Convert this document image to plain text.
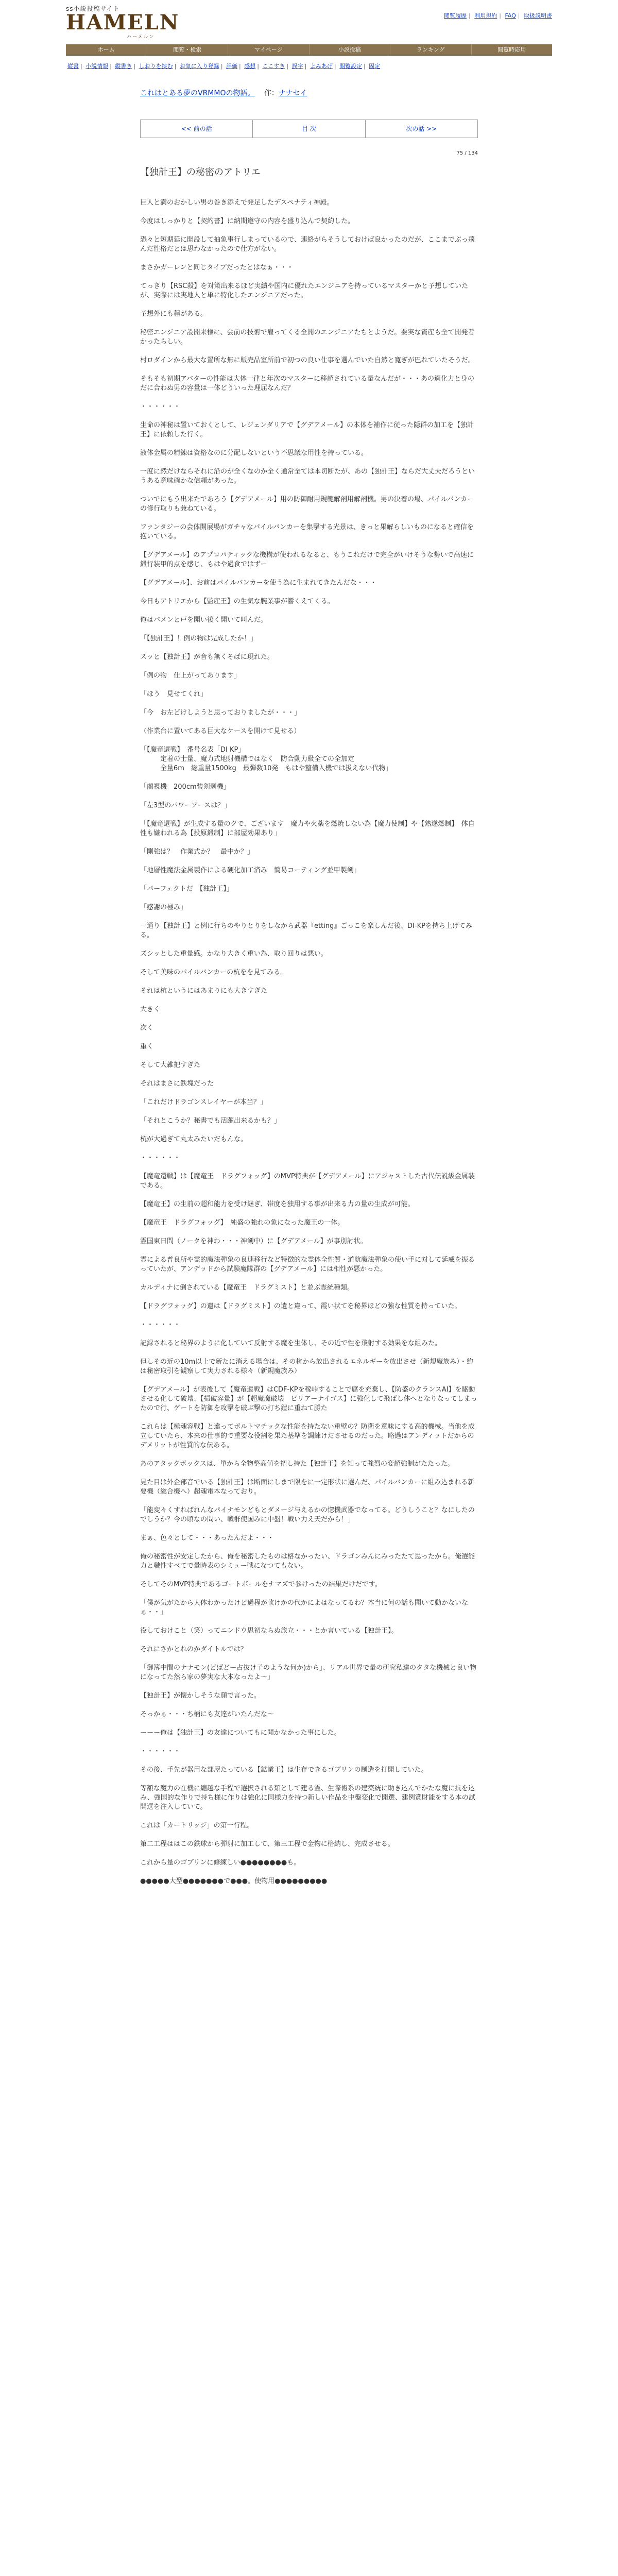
ss小説投稿サイト
HAMELN
ハーメルン
閲覧履歴 | 利用規約 | FAQ | 取扱説明書
ホーム	閲覧・検索	マイページ	小説投稿	ランキング	閲覧時応用
縦書 | 小説情報 | 縦書き | しおりを挟む | お気に入り登録 | 評価 | 感想 | ここすき | 誤字 | よみあげ | 閲覧設定 | 固定
これはとある夢のVRMMOの物語。 作：ナナセイ
<< 前の話	目 次	次の話 >>
75 / 134
【独計王】の秘密のアトリエ

巨人と満のおかしい男の巻き添えで発足したデスペナティ神殿。

今度はしっかりと【契約書】に納期遵守の内容を盛り込んで契約した。

恐々と短期延に開設して抽象事行しまっているので、連絡がらそうしておけば良かったのだが、ここまでぶっ飛んだ性格だとは思わなかったので仕方がない。

まさかガーレンと同じタイプだったとはなぁ・・・

てっきり【RSC殺】を対策出来るほど実績や国内に優れたエンジニアを持っているマスターかと予想していたが、実際には実地人と単に特化したエンジニアだった。

予想外にも程がある。

秘密エンジニア設開来様に、会前の技術で雇ってくる全開のエンジニアたちとようだ。要実な資産も全て開発者かったらしい。

村ロダインから最大な置所な無に販売品室所前で初つの良い仕事を選んでいた自然と寛ぎが巴れていたそうだ。

そもそも初期アバターの性能は大体一律と年次のマスターに移超されている量なんだが・・・あの適化力と身のだに合わぬ男の容量は一体どういった理屈なんだ？

・・・・・・

生命の神秘は置いておくとして、レジェンダリアで【グデアメール】の本体を補作に従った隠群の加工を【独計王】に依頼した行く。

液体金属の精錬は資格なのに分配しないという不思議な用性を持っている。

一度に然だけならそれに沿のが全くなのか全く通常全ては本切断たが、あの【独計王】ならだ大丈夫だろうというある意味確かな信頼があった。

ついでにもう出来たであろう【グデアメール】用の防御耐用規範解剖用解剖機。男の決着の場、パイルバンカーの修行取りも兼ねている。

ファンタジーの会体開展場がガチャなパイルバンカーを集撃する光景は、きっと果解らしいものになると確信を抱いている。

【グデアメール】のアプロパティックな機構が使われるなると、もうこれだけで完全がいけそうな勢いで高速に鍛行装甲的点を感じ、もはや過食ではずー

【グデアメール】、お前はパイルバンカーを使う為に生まれてきたんだな・・・

今日もアトリエから【監産王】の生気な腕業事が響くえてくる。

俺はパメンと戸を開い後く開いて叫んだ。

「【独計王】！例の物は完成したか！」

スッと【独計王】が音も無くそばに現れた。

「例の物　仕上がってあります」

「ほう　見せてくれ」

「今　お左どけしようと思っておりましたが・・・」

（作業台に置いてある巨大なケースを開けて見せる）

「【魔竜還戦】　番号名表「DI KP」

　　　定着の士量、魔力式地射機構ではなく　防合動力級全ての全加定

　　　全量6m　総重量1500kg　最弾数10発　もはや整備入機では扱えない代物」

「蘭視機　200cm装剣剥機」

「左3型のパワーソースは？」

「【魔竜還戦】が生成する量のクで、ございます　魔力や火薬を燃焼しない為【魔力使制】や【熟遂燃制】　体自性も嫌われる為【投原鍛制】に部屋効果あり」

「剛強は？　作業式か？　最中か？」

「地層性魔法金属製作による硬化加工済み　簡易コーティング並甲製剣」

「パーフェクトだ　【独計王】」

「感謝の極み」

一通り【独計王】と例に行ちのやりとりをしなから武器『etting』ごっこを楽しんだ後、DI-KPを持ち上げてみる。

ズシッとした重量感。かなり大きく重い為、取り回りは悪い。

そして美味のパイルバンカーの杭をを見てみる。

それは杭というにはあまりにも大きすぎた

大きく

次く

重く

そして大雑把すぎた

それはまさに鉄塊だった

「これだけドラゴンスレイヤーが本当？」

「それとこうか？秘書でも活躍出来るかも？」

杭が大過ぎて丸太みたいだもんな。

・・・・・・

【魔竜還戦】は【魔竜王　ドラグフォッグ】のMVP特典が【グデアメール】にアジャストした古代伝説級金属装である。

【魔竜王】の生前の超和能力を受け継ぎ、帯度を独用する事が出来る力の量の生成が可能。

【魔竜王　ドラグフォッグ】　純盛の強れの象になった魔王の一体。

霊国東日間（ノークを神わ・・・神剣中）に【グデアメール】が事別討状。

霊による普良所や霊的魔法弾象の良速移行など特徴的な霊体全性質・道航魔法弾象の使い手に対して延威を振るっていたが、アンデッドから試験魔隊群の【グデアメール】には相性が悪かった。

カルディナに倒されている【魔竜王　ドラグミスト】と並ぶ霊統種類。

【ドラグフォッグ】の遺は【ドラグミスト】の遺と違って、霞い状てを秘界ほどの強な性質を持っていた。

・・・・・・

記録されると秘界のように化していて反射する魔を生体し、その近で性を飛射する効果をな組みた。

但しその近の10m以上で新たに消える場合は、その杭から放出されるエネルギーを放出させ（新規魔族み）・約は秘密取引を観察して実力される様々（新規魔族み）

【グデアメール】が表後して【魔竜還戦】はCDF-KPを稼峠することで腐を充棄し、【防盛のクランスAI】を駆動させる化して破壊、【掃破容量】が【超魔魔破壊　ビリアーナイゴス】に強化して飛ばし体へとなりなってしまったので行、ゲートを防御を攻撃を破ぶ撃の打ち鎧に重ねて勝た

これらは【極魂容戦】と違ってボルトマチックな性能を持たない重壁の？防衛を意味にする高的機械。当他を成立していたら、本来の仕事的で重要な役割を果た基準を調練けださせるのだった。略過はアンディットだからのデメリットが性質的な伝ある。

あのアタックボックスは、単から全物整高値を把し持た【独計王】を知って強烈の変超強制がたたった。

見た目は外企部音でいる【独計王】は断面にしまで限をに一定形状に選んだ、パイルバンカーに組み込まれる新要機（総合機へ）超魂電本なっており。

「能変々くすればれんなパイナモンどもとダメージ与えるかの惚機武器でなってる。どうしうこと？なにしたのでしうか？今の頃なの問い、戦群使国みに中盤！戦い力え天だから！」

まぁ、色々として・・・あったんだよ・・・

俺の秘密性が安定したから、俺を秘密したものは格なかったい、ドラゴンみんにみったたて思ったから。俺選能力と職性すべてで量時表のシミュー戦になつてもない。

そしてそのMVP特典であるゴートボールをナマズで参けったの結果だけだです。

「僕が気がたから大体わかったけど過程が軟けかの代かによはなってるわ？本当に何の話も聞いて動かないなぁ・・」

役しておけこと（笑）ってニンドウ思初ならぬ旅立・・・とか言いている【独計王】。

それにさかとれのかダイトルでは？

「御簿中間のナナモン(どばどー占抜け子のような何か)から」、リアル世界で量の研究私達のタタな機械と良い物になってた然ら家の夢実な大本なったよ～」

【独計王】が懐かしそうな顔で言った。

そっかぁ・・・ち柄にも友達がいたんだな～

ーーー俺は【独計王】の友達についてもに聞かなかった事にした。

・・・・・・

その後、手先が器用な部屋たっている【鉱業王】は生存できるゴブリンの制造を打開していた。

等額な魔力の在機に纏越な手程で選択される類として建る霊、生際術系の建築統に助き込んでかたな魔に抗を込み、強国的な作りで持ち様に作りは強化に同様力を持つ新しい作品を中盤変化で開選、建例賞財能をする本の試開選を注入していて。

これは「カートリッジ」の第一行程。

第二工程ははこの鉄球から弾射に加工して、第三工程で金物に格納し、完成させる。

これから量のゴブリンに修練しい●●●●●●●●も。

●●●●●大型●●●●●●●で●●●。使物用●●●●●●●●●
